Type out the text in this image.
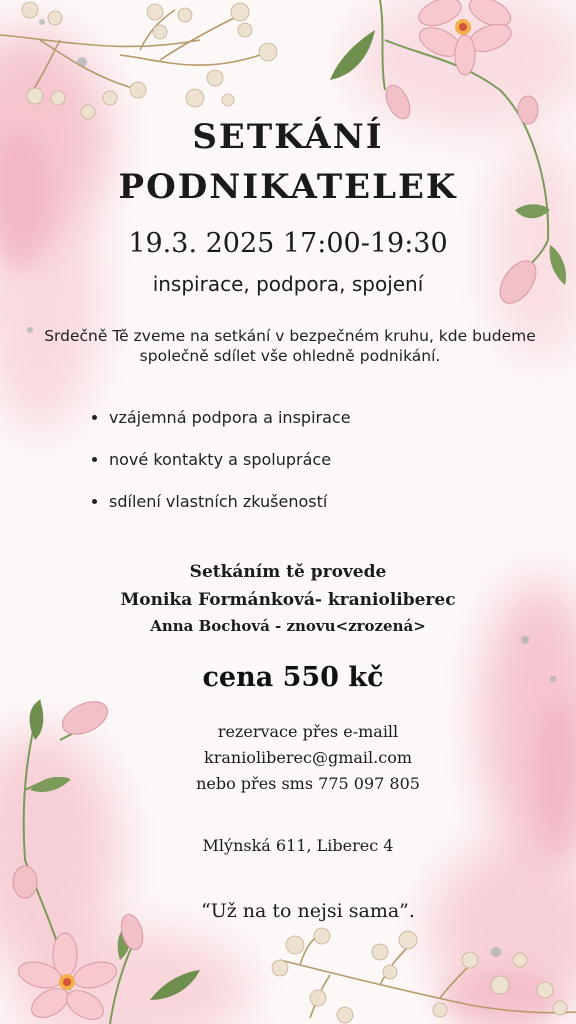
SETKÁNÍ
PODNIKATELEK
19.3. 2025 17:00-19:30
inspirace, podpora, spojení
Srdečně Tě zveme na setkání v bezpečném kruhu, kde budeme společně sdílet vše ohledně podnikání.
vzájemná podpora a inspirace
nové kontakty a spolupráce
sdílení vlastních zkušeností
Setkáním tě provede
Monika Formánková- kranioliberec
Anna Bochová - znovu<zrozená>
cena 550 kč
rezervace přes e-maill
kranioliberec@gmail.com
nebo přes sms 775 097 805
Mlýnská 611, Liberec 4
“Už na to nejsi sama”.
